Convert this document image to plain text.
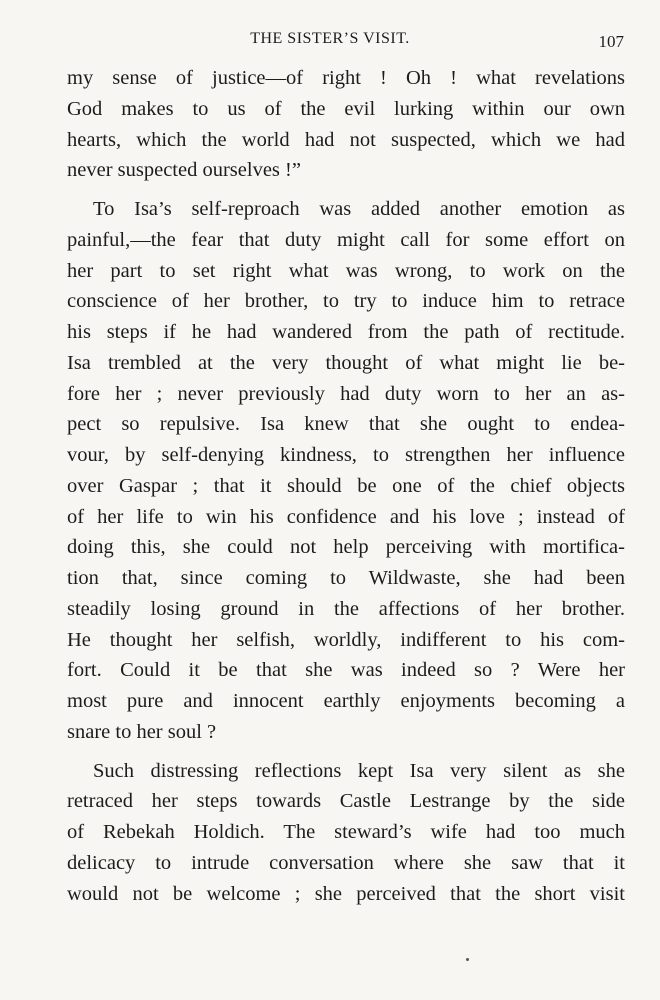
THE SISTER’S VISIT.	107
my sense of justice—of right ! Oh ! what revelations
God makes to us of the evil lurking within our own
hearts, which the world had not suspected, which we had
never suspected ourselves !”
To Isa’s self-reproach was added another emotion as
painful,—the fear that duty might call for some effort on
her part to set right what was wrong, to work on the
conscience of her brother, to try to induce him to retrace
his steps if he had wandered from the path of rectitude.
Isa trembled at the very thought of what might lie be-
fore her ; never previously had duty worn to her an as-
pect so repulsive. Isa knew that she ought to endea-
vour, by self-denying kindness, to strengthen her influence
over Gaspar ; that it should be one of the chief objects
of her life to win his confidence and his love ; instead of
doing this, she could not help perceiving with mortifica-
tion that, since coming to Wildwaste, she had been
steadily losing ground in the affections of her brother.
He thought her selfish, worldly, indifferent to his com-
fort. Could it be that she was indeed so ? Were her
most pure and innocent earthly enjoyments becoming a
snare to her soul ?
Such distressing reflections kept Isa very silent as she
retraced her steps towards Castle Lestrange by the side
of Rebekah Holdich. The steward’s wife had too much
delicacy to intrude conversation where she saw that it
would not be welcome ; she perceived that the short visit
